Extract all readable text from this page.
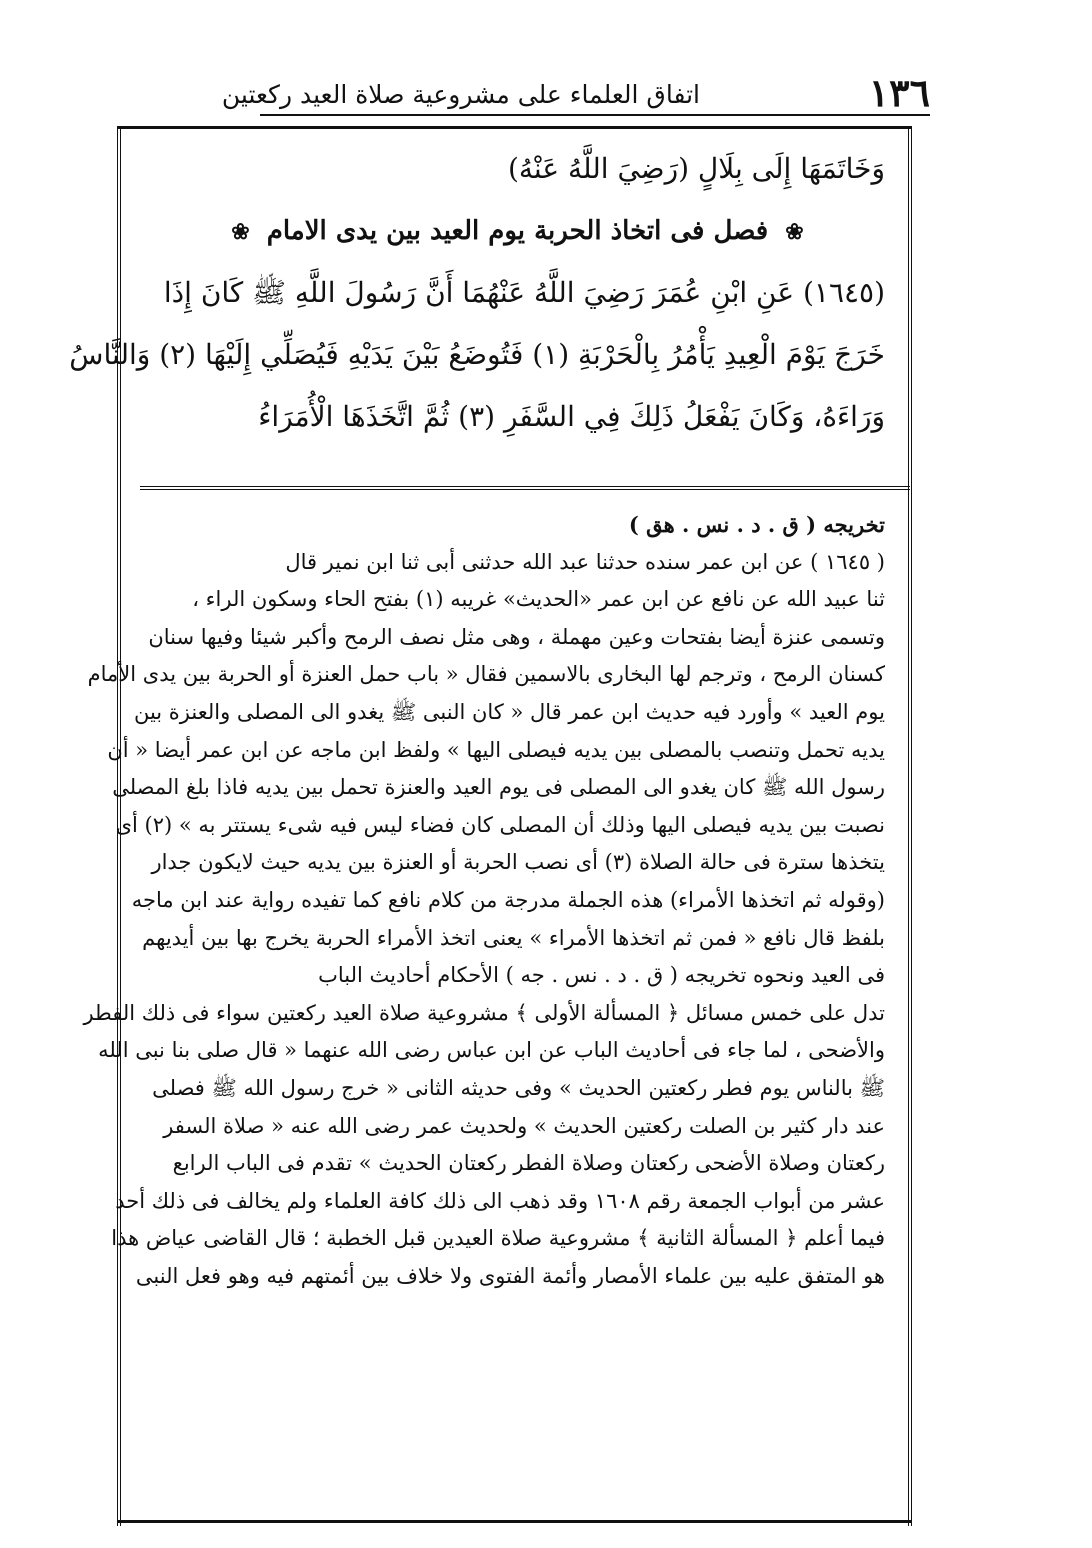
١٣٦
اتفاق العلماء على مشروعية صلاة العيد ركعتين
وَخَاتَمَهَا إِلَى بِلَالٍ (رَضِيَ اللَّهُ عَنْهُ)
❀ فصل فى اتخاذ الحربة يوم العيد بين يدى الامام ❀
(١٦٤٥) عَنِ ابْنِ عُمَرَ رَضِيَ اللَّهُ عَنْهُمَا أَنَّ رَسُولَ اللَّهِ ﷺ كَانَ إِذَا
خَرَجَ يَوْمَ الْعِيدِ يَأْمُرُ بِالْحَرْبَةِ (١) فَتُوضَعُ بَيْنَ يَدَيْهِ فَيُصَلِّي إِلَيْهَا (٢) وَالنَّاسُ
وَرَاءَهُ، وَكَانَ يَفْعَلُ ذَلِكَ فِي السَّفَرِ (٣) ثُمَّ اتَّخَذَهَا الْأُمَرَاءُ
تخريجه ( ق . د . نس . هق )
( ١٦٤٥ ) عن ابن عمر سنده حدثنا عبد الله حدثنى أبى ثنا ابن نمير قال
ثنا عبيد الله عن نافع عن ابن عمر «الحديث» غريبه (١) بفتح الحاء وسكون الراء ،
وتسمى عنزة أيضا بفتحات وعين مهملة ، وهى مثل نصف الرمح وأكبر شيئا وفيها سنان
كسنان الرمح ، وترجم لها البخارى بالاسمين فقال « باب حمل العنزة أو الحربة بين يدى الأمام
يوم العيد » وأورد فيه حديث ابن عمر قال « كان النبى ﷺ يغدو الى المصلى والعنزة بين
يديه تحمل وتنصب بالمصلى بين يديه فيصلى اليها » ولفظ ابن ماجه عن ابن عمر أيضا « أن
رسول الله ﷺ كان يغدو الى المصلى فى يوم العيد والعنزة تحمل بين يديه فاذا بلغ المصلى
نصبت بين يديه فيصلى اليها وذلك أن المصلى كان فضاء ليس فيه شىء يستتر به » (٢) أى
يتخذها سترة فى حالة الصلاة (٣) أى نصب الحربة أو العنزة بين يديه حيث لايكون جدار
(وقوله ثم اتخذها الأمراء) هذه الجملة مدرجة من كلام نافع كما تفيده رواية عند ابن ماجه
بلفظ قال نافع « فمن ثم اتخذها الأمراء » يعنى اتخذ الأمراء الحربة يخرج بها بين أيديهم
فى العيد ونحوه تخريجه ( ق . د . نس . جه ) الأحكام أحاديث الباب
تدل على خمس مسائل ﴿ المسألة الأولى ﴾ مشروعية صلاة العيد ركعتين سواء فى ذلك الفطر
والأضحى ، لما جاء فى أحاديث الباب عن ابن عباس رضى الله عنهما « قال صلى بنا نبى الله
ﷺ بالناس يوم فطر ركعتين الحديث » وفى حديثه الثانى « خرج رسول الله ﷺ فصلى
عند دار كثير بن الصلت ركعتين الحديث » ولحديث عمر رضى الله عنه « صلاة السفر
ركعتان وصلاة الأضحى ركعتان وصلاة الفطر ركعتان الحديث » تقدم فى الباب الرابع
عشر من أبواب الجمعة رقم ١٦٠٨ وقد ذهب الى ذلك كافة العلماء ولم يخالف فى ذلك أحد
فيما أعلم ﴿ المسألة الثانية ﴾ مشروعية صلاة العيدين قبل الخطبة ؛ قال القاضى عياض هذا
هو المتفق عليه بين علماء الأمصار وأئمة الفتوى ولا خلاف بين أئمتهم فيه وهو فعل النبى
